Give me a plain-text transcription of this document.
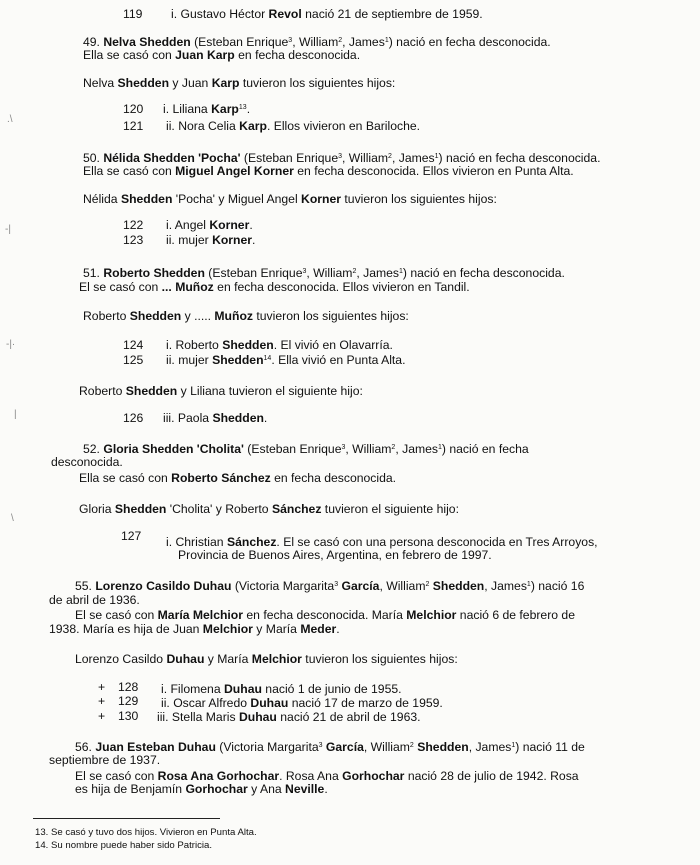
119 i. Gustavo Héctor Revol nació 21 de septiembre de 1959.
49. Nelva Shedden (Esteban Enrique$^3$, William$^2$, James$^1$) nació en fecha desconocida.
Ella se casó con Juan Karp en fecha desconocida.
Nelva Shedden y Juan Karp tuvieron los siguientes hijos:
120 i. Liliana Karp$^{13}$.
121 ii. Nora Celia Karp. Ellos vivieron en Bariloche.
50. Nélida Shedden 'Pocha' (Esteban Enrique$^3$, William$^2$, James$^1$) nació en fecha desconocida.
Ella se casó con Miguel Angel Korner en fecha desconocida. Ellos vivieron en Punta Alta.
Nélida Shedden 'Pocha' y Miguel Angel Korner tuvieron los siguientes hijos:
122 i. Angel Korner.
123 ii. mujer Korner.
51. Roberto Shedden (Esteban Enrique$^3$, William$^2$, James$^1$) nació en fecha desconocida.
El se casó con ... Muñoz en fecha desconocida. Ellos vivieron en Tandil.
Roberto Shedden y ..... Muñoz tuvieron los siguientes hijos:
124 i. Roberto Shedden. El vivió en Olavarría.
125 ii. mujer Shedden$^{14}$. Ella vivió en Punta Alta.
Roberto Shedden y Liliana tuvieron el siguiente hijo:
126 iii. Paola Shedden.
52. Gloria Shedden 'Cholita' (Esteban Enrique$^3$, William$^2$, James$^1$) nació en fecha
desconocida.
Ella se casó con Roberto Sánchez en fecha desconocida.
Gloria Shedden 'Cholita' y Roberto Sánchez tuvieron el siguiente hijo:
127 i. Christian Sánchez. El se casó con una persona desconocida en Tres Arroyos,
Provincia de Buenos Aires, Argentina, en febrero de 1997.
55. Lorenzo Casildo Duhau (Victoria Margarita$^3$ García, William$^2$ Shedden, James$^1$) nació 16
de abril de 1936.
El se casó con María Melchior en fecha desconocida. María Melchior nació 6 de febrero de
1938. María es hija de Juan Melchior y María Meder.
Lorenzo Casildo Duhau y María Melchior tuvieron los siguientes hijos:
+ 128 i. Filomena Duhau nació 1 de junio de 1955.
+ 129 ii. Oscar Alfredo Duhau nació 17 de marzo de 1959.
+ 130 iii. Stella Maris Duhau nació 21 de abril de 1963.
56. Juan Esteban Duhau (Victoria Margarita$^3$ García, William$^2$ Shedden, James$^1$) nació 11 de
septiembre de 1937.
El se casó con Rosa Ana Gorhochar. Rosa Ana Gorhochar nació 28 de julio de 1942. Rosa
es hija de Benjamín Gorhochar y Ana Neville.
.\
-|
-|·
|
\
13. Se casó y tuvo dos hijos. Vivieron en Punta Alta.
14. Su nombre puede haber sido Patricia.
